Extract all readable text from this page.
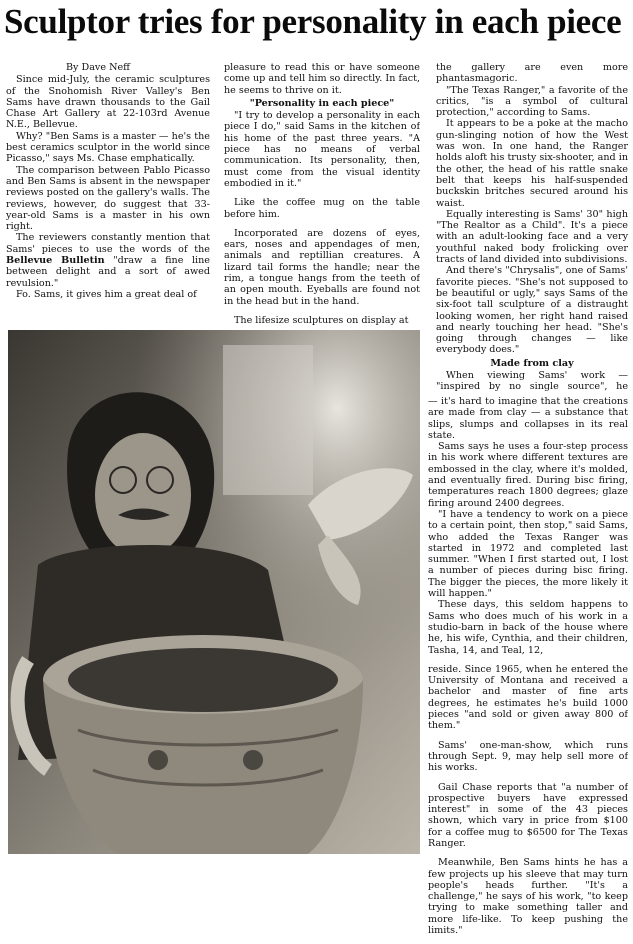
Sculptor tries for personality in each piece

By Dave Neff

Since mid-July, the ceramic sculptures of the Snohomish River Valley's Ben Sams have drawn thousands to the Gail Chase Art Gallery at 22-103rd Avenue N.E., Bellevue.

Why? "Ben Sams is a master — he's the best ceramics sculptor in the world since Picasso," says Ms. Chase emphatically.

The comparison between Pablo Picasso and Ben Sams is absent in the newspaper reviews posted on the gallery's walls. The reviews, however, do suggest that 33-year-old Sams is a master in his own right.

The reviewers constantly mention that Sams' pieces to use the words of the Bellevue Bulletin "draw a fine line between delight and a sort of awed revulsion."

Fo. Sams, it gives him a great deal of

pleasure to read this or have someone come up and tell him so directly. In fact, he seems to thrive on it.

"Personality in each piece"

"I try to develop a personality in each piece I do," said Sams in the kitchen of his home of the past three years. "A piece has no means of verbal communication. Its personality, then, must come from the visual identity embodied in it."

Like the coffee mug on the table before him.

Incorporated are dozens of eyes, ears, noses and appendages of men, animals and reptillian creatures. A lizard tail forms the handle; near the rim, a tongue hangs from the teeth of an open mouth. Eyeballs are found not in the head but in the hand.

The lifesize sculptures on display at

the gallery are even more phantasmagoric.

"The Texas Ranger," a favorite of the critics, "is a symbol of cultural protection," according to Sams.

It appears to be a poke at the macho gun-slinging notion of how the West was won. In one hand, the Ranger holds aloft his trusty six-shooter, and in the other, the head of his rattle snake belt that keeps his half-suspended buckskin britches secured around his waist.

Equally interesting is Sams' 30" high "The Realtor as a Child". It's a piece with an adult-looking face and a very youthful naked body frolicking over tracts of land divided into subdivisions.

And there's "Chrysalis", one of Sams' favorite pieces. "She's not supposed to be beautiful or ugly," says Sams of the six-foot tall sculpture of a distraught looking women, her right hand raised and nearly touching her head. "She's going through changes — like everybody does."

Made from clay

When viewing Sams' work — "inspired by no single source", he

— it's hard to imagine that the creations are made from clay — a substance that slips, slumps and collapses in its real state.

Sams says he uses a four-step process in his work where different textures are embossed in the clay, where it's molded, and eventually fired. During bisc firing, temperatures reach 1800 degrees; glaze firing around 2400 degrees.

"I have a tendency to work on a piece to a certain point, then stop," said Sams, who added the Texas Ranger was started in 1972 and completed last summer. "When I first started out, I lost a number of pieces during bisc firing. The bigger the pieces, the more likely it will happen."

These days, this seldom happens to Sams who does much of his work in a studio-barn in back of the house where he, his wife, Cynthia, and their children, Tasha, 14, and Teal, 12,

reside. Since 1965, when he entered the University of Montana and received a bachelor and master of fine arts degrees, he estimates he's build 1000 pieces "and sold or given away 800 of them."

Sams' one-man-show, which runs through Sept. 9, may help sell more of his works.

Gail Chase reports that "a number of prospective buyers have expressed interest" in some of the 43 pieces shown, which vary in price from $100 for a coffee mug to $6500 for The Texas Ranger.

Meanwhile, Ben Sams hints he has a few projects up his sleeve that may turn people's heads further. "It's a challenge," he says of his work, "to keep trying to make something taller and more life-like. To keep pushing the limits."
